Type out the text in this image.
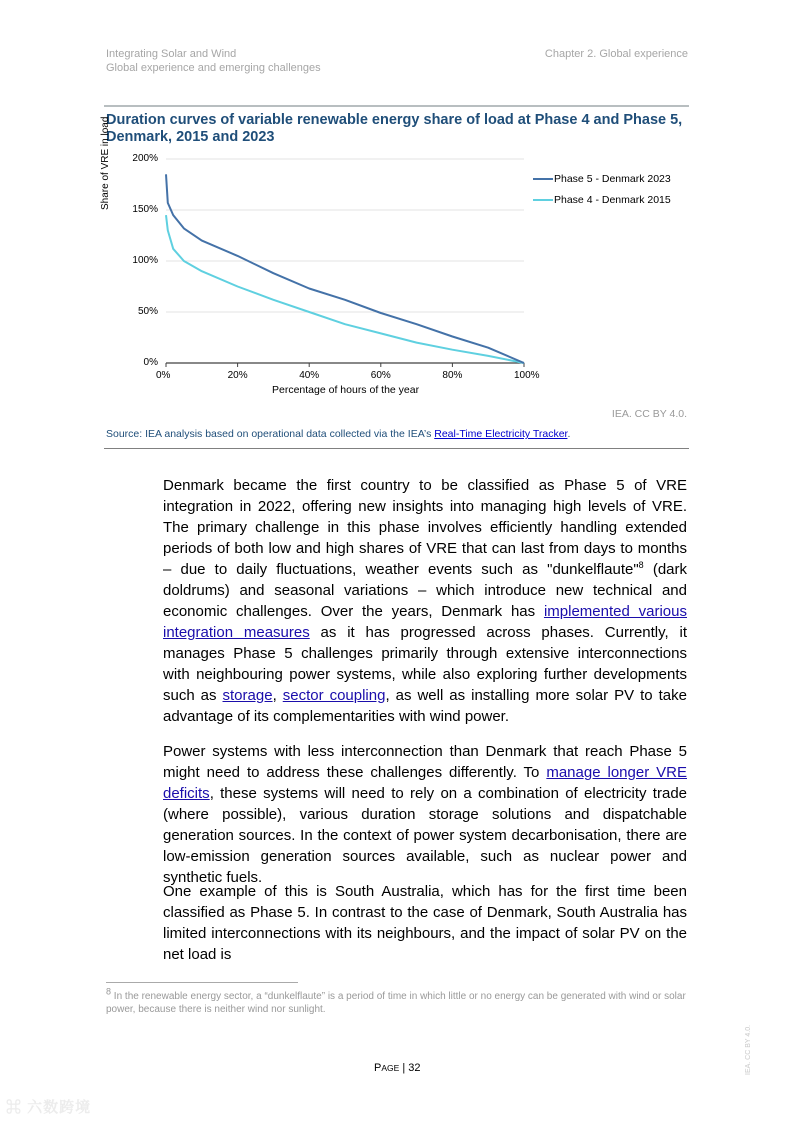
Integrating Solar and Wind
Global experience and emerging challenges
Chapter 2. Global experience
Duration curves of variable renewable energy share of load at Phase 4 and Phase 5, Denmark, 2015 and 2023
Share of VRE in load
0%
50%
100%
150%
200%
0%	20%	40%	60%	80%	100%
Percentage of hours of the year
Phase 5 - Denmark 2023
Phase 4 - Denmark 2015
IEA. CC BY 4.0.
Source: IEA analysis based on operational data collected via the IEA’s Real-Time Electricity Tracker.
Denmark became the first country to be classified as Phase 5 of VRE integration in 2022, offering new insights into managing high levels of VRE. The primary challenge in this phase involves efficiently handling extended periods of both low and high shares of VRE that can last from days to months – due to daily fluctuations, weather events such as "dunkelflaute"$^8$ (dark doldrums) and seasonal variations – which introduce new technical and economic challenges. Over the years, Denmark has implemented various integration measures as it has progressed across phases. Currently, it manages Phase 5 challenges primarily through extensive interconnections with neighbouring power systems, while also exploring further developments such as storage, sector coupling, as well as installing more solar PV to take advantage of its complementarities with wind power.
Power systems with less interconnection than Denmark that reach Phase 5 might need to address these challenges differently. To manage longer VRE deficits, these systems will need to rely on a combination of electricity trade (where possible), various duration storage solutions and dispatchable generation sources. In the context of power system decarbonisation, there are low-emission generation sources available, such as nuclear power and synthetic fuels.
One example of this is South Australia, which has for the first time been classified as Phase 5. In contrast to the case of Denmark, South Australia has limited interconnections with its neighbours, and the impact of solar PV on the net load is
$^8$ In the renewable energy sector, a “dunkelflaute” is a period of time in which little or no energy can be generated with wind or solar power, because there is neither wind nor sunlight.
PAGE | 32	IEA. CC BY 4.0.
⌘ 六数跨境
